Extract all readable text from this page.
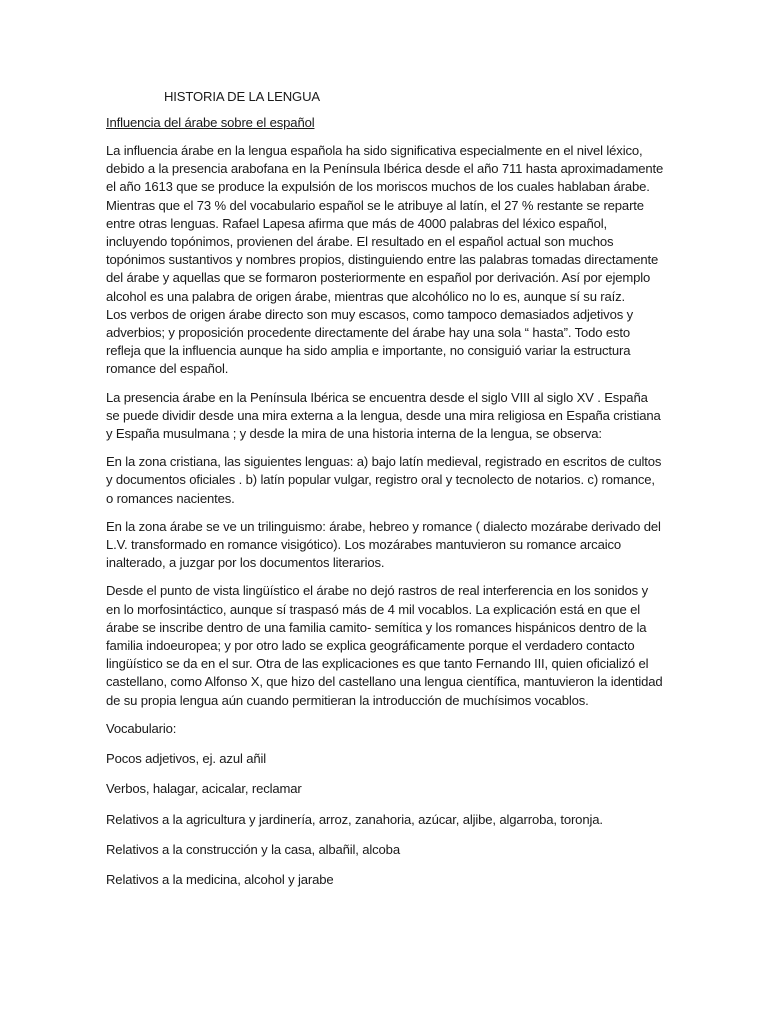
HISTORIA DE LA LENGUA
Influencia del árabe sobre el español

La influencia árabe en la lengua española ha sido significativa especialmente en el nivel léxico, debido a la presencia arabofana en la Península Ibérica desde el año 711 hasta aproximadamente el año 1613 que se produce la expulsión de los moriscos muchos de los cuales hablaban árabe. Mientras que el 73 % del vocabulario español se le atribuye al latín, el 27 % restante se reparte entre otras lenguas. Rafael Lapesa afirma que más de 4000 palabras del léxico español, incluyendo topónimos, provienen del árabe. El resultado en el español actual son muchos topónimos sustantivos y nombres propios, distinguiendo entre las palabras tomadas directamente del árabe y aquellas que se formaron posteriormente en español por derivación. Así por ejemplo alcohol es una palabra de origen árabe, mientras que alcohólico no lo es, aunque sí su raíz.
Los verbos de origen árabe directo son muy escasos, como tampoco demasiados adjetivos y adverbios; y proposición procedente directamente del árabe hay una sola “ hasta”. Todo esto refleja que la influencia aunque ha sido amplia e importante, no consiguió variar la estructura romance del español.

La presencia árabe en la Península Ibérica se encuentra desde el siglo VIII al siglo XV . España se puede dividir desde una mira externa a la lengua, desde una mira religiosa en España cristiana y España musulmana ; y desde la mira de una historia interna de la lengua, se observa:

En la zona cristiana, las siguientes lenguas: a) bajo latín medieval, registrado en escritos de cultos y documentos oficiales . b) latín popular vulgar, registro oral y tecnolecto de notarios. c) romance, o romances nacientes.

En la zona árabe se ve un trilinguismo: árabe, hebreo y romance ( dialecto mozárabe derivado del L.V. transformado en romance visigótico). Los mozárabes mantuvieron su romance arcaico inalterado, a juzgar por los documentos literarios.

Desde el punto de vista lingüístico el árabe no dejó rastros de real interferencia en los sonidos y en lo morfosintáctico, aunque sí traspasó más de 4 mil vocablos. La explicación está en que el árabe se inscribe dentro de una familia camito- semítica y los romances hispánicos dentro de la familia indoeuropea; y por otro lado se explica geográficamente porque el verdadero contacto lingüístico se da en el sur. Otra de las explicaciones es que tanto Fernando III, quien oficializó el castellano, como Alfonso X, que hizo del castellano una lengua científica, mantuvieron la identidad de su propia lengua aún cuando permitieran la introducción de muchísimos vocablos.

Vocabulario:
Pocos adjetivos, ej. azul añil
Verbos, halagar, acicalar, reclamar
Relativos a la agricultura y jardinería, arroz, zanahoria, azúcar, aljibe, algarroba, toronja.
Relativos a la construcción y la casa, albañil, alcoba
Relativos a la medicina, alcohol y jarabe
